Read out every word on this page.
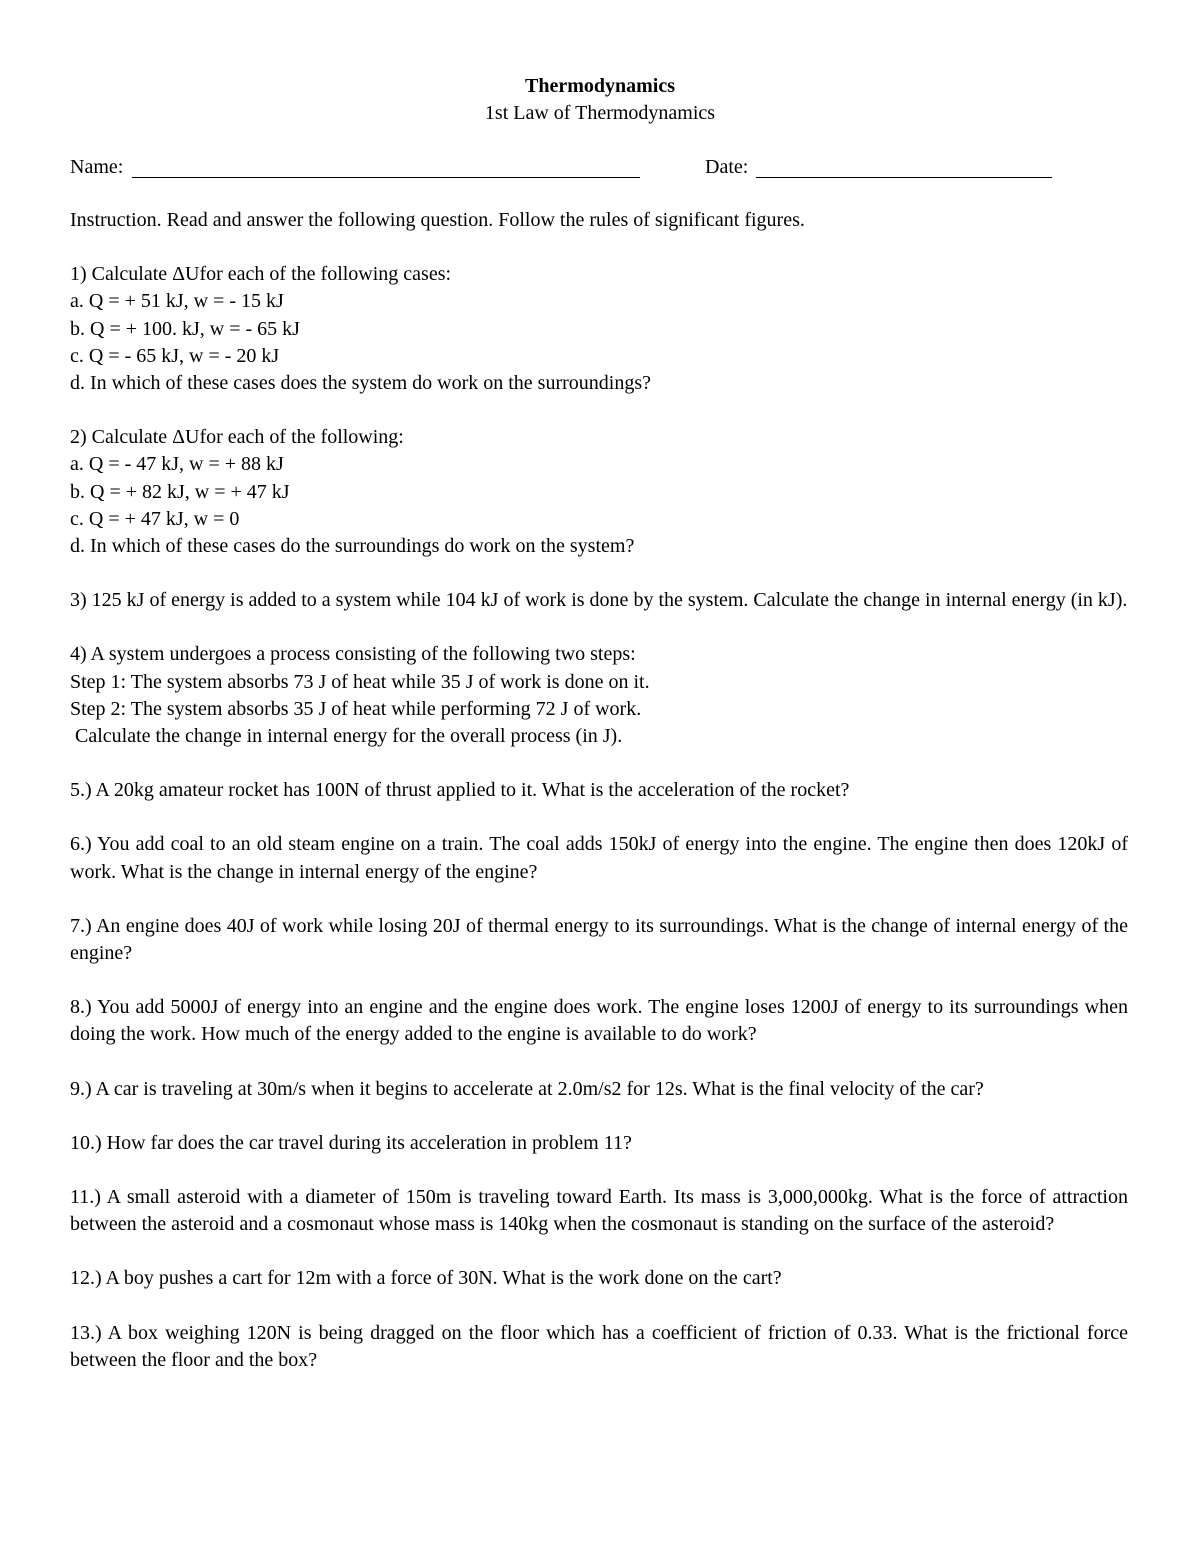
Thermodynamics
1st Law of Thermodynamics
Name:	Date:

Instruction. Read and answer the following question. Follow the rules of significant figures.

1) Calculate ΔUfor each of the following cases:

a. Q = + 51 kJ, w = - 15 kJ

b. Q = + 100. kJ, w = - 65 kJ

c. Q = - 65 kJ, w = - 20 kJ

d. In which of these cases does the system do work on the surroundings?

2) Calculate ΔUfor each of the following:

a. Q = - 47 kJ, w = + 88 kJ

b. Q = + 82 kJ, w = + 47 kJ

c. Q = + 47 kJ, w = 0

d. In which of these cases do the surroundings do work on the system?

3) 125 kJ of energy is added to a system while 104 kJ of work is done by the system. Calculate the change in internal energy (in kJ).

4) A system undergoes a process consisting of the following two steps:

Step 1: The system absorbs 73 J of heat while 35 J of work is done on it.

Step 2: The system absorbs 35 J of heat while performing 72 J of work.

Calculate the change in internal energy for the overall process (in J).

5.) A 20kg amateur rocket has 100N of thrust applied to it. What is the acceleration of the rocket?

6.) You add coal to an old steam engine on a train. The coal adds 150kJ of energy into the engine. The engine then does 120kJ of work. What is the change in internal energy of the engine?

7.) An engine does 40J of work while losing 20J of thermal energy to its surroundings. What is the change of internal energy of the engine?

8.) You add 5000J of energy into an engine and the engine does work. The engine loses 1200J of energy to its surroundings when doing the work. How much of the energy added to the engine is available to do work?

9.) A car is traveling at 30m/s when it begins to accelerate at 2.0m/s2 for 12s. What is the final velocity of the car?

10.) How far does the car travel during its acceleration in problem 11?

11.) A small asteroid with a diameter of 150m is traveling toward Earth. Its mass is 3,000,000kg. What is the force of attraction between the asteroid and a cosmonaut whose mass is 140kg when the cosmonaut is standing on the surface of the asteroid?

12.) A boy pushes a cart for 12m with a force of 30N. What is the work done on the cart?

13.) A box weighing 120N is being dragged on the floor which has a coefficient of friction of 0.33. What is the frictional force between the floor and the box?
